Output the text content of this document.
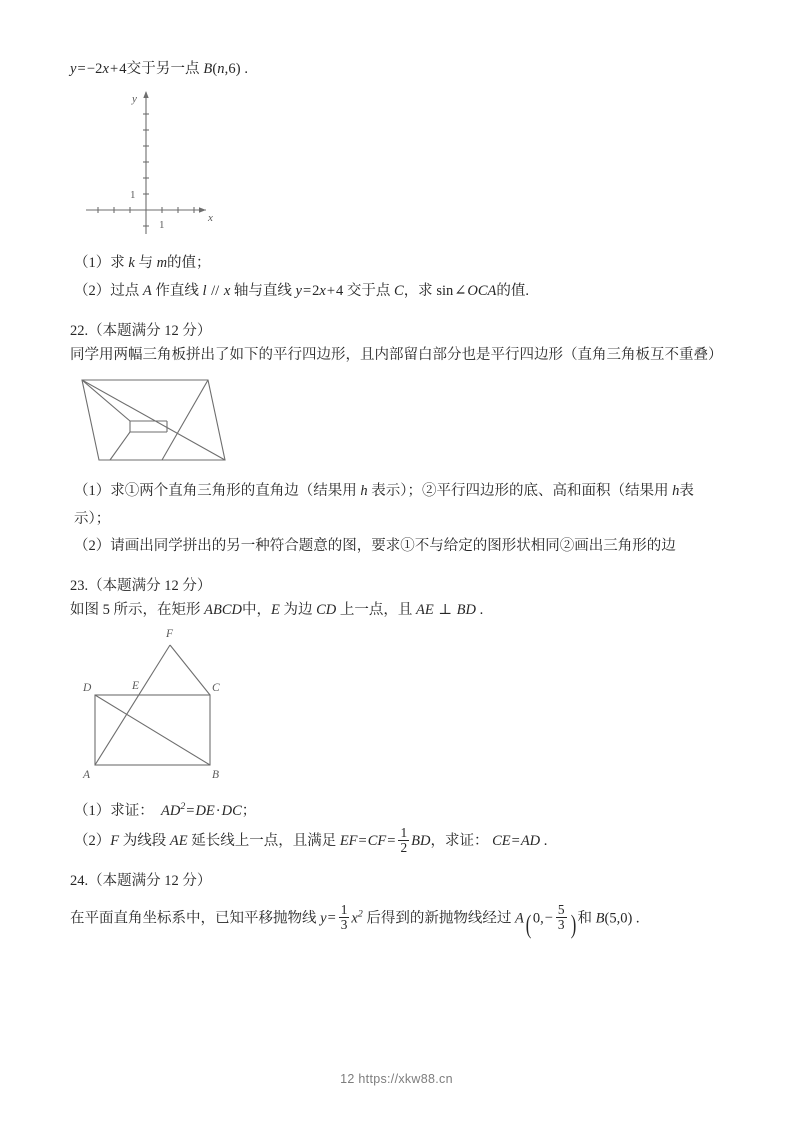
y=−2x+4交于另一点 B(n,6) .

y
x
1
1

（1）求 k 与 m的值；

（2）过点 A 作直线 l // x 轴与直线 y=2x+4 交于点 C，求 sin∠OCA的值.

22.（本题满分 12 分）

同学用两幅三角板拼出了如下的平行四边形，且内部留白部分也是平行四边形（直角三角板互不重叠）

（1）求①两个直角三角形的直角边（结果用 h 表示）；②平行四边形的底、高和面积（结果用 h表示）；

（2）请画出同学拼出的另一种符合题意的图，要求①不与给定的图形状相同②画出三角形的边

23.（本题满分 12 分）

如图 5 所示，在矩形 ABCD中，E 为边 CD 上一点，且 AE ⊥ BD .

A	B
C
D	E
F

（1）求证： $AD^2=DE\cdot DC$；

（2）F 为线段 AE 延长线上一点，且满足 $EF=CF= \frac{1}{2}$ BD，求证： CE=AD .

24.（本题满分 12 分）

在平面直角坐标系中，已知平移抛物线 $y= \frac{1}{3} x^2$ 后得到的新抛物线经过 A( $0,- \frac{5}{3}$ ) 和 B(5,0) .

12 https://xkw88.cn
